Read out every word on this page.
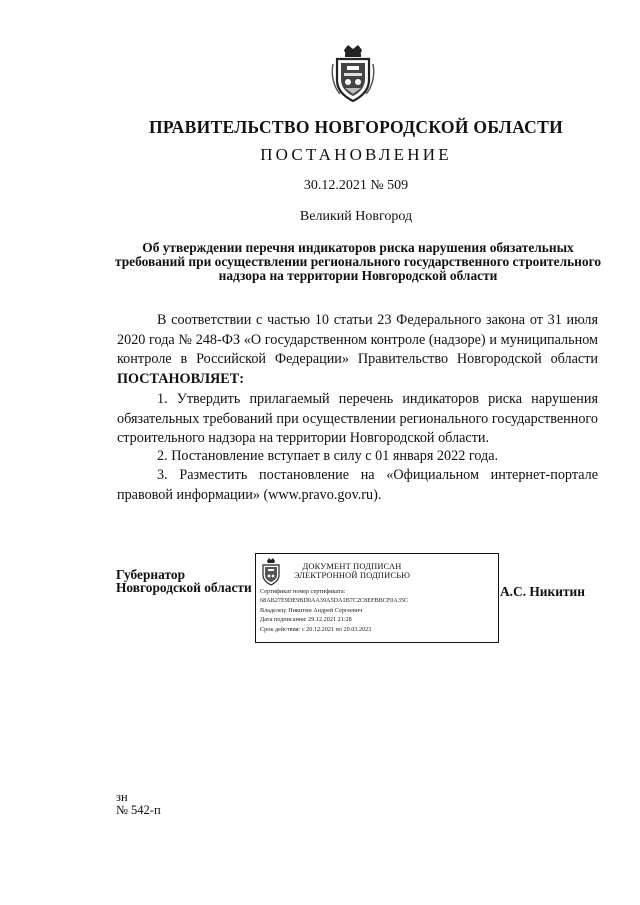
ПРАВИТЕЛЬСТВО НОВГОРОДСКОЙ ОБЛАСТИ
ПОСТАНОВЛЕНИЕ
30.12.2021 № 509
Великий Новгород
Об утверждении перечня индикаторов риска нарушения обязательных требований при осуществлении регионального государственного строительного надзора на территории Новгородской области
В соответствии с частью 10 статьи 23 Федерального закона от 31 июля 2020 года № 248-ФЗ «О государственном контроле (надзоре) и муниципальном контроле в Российской Федерации» Правительство Новгородской области ПОСТАНОВЛЯЕТ:
1. Утвердить прилагаемый перечень индикаторов риска нарушения обязательных требований при осуществлении регионального государственного строительного надзора на территории Новгородской области.
2. Постановление вступает в силу с 01 января 2022 года.
3. Разместить постановление на «Официальном интернет-портале правовой информации» (www.pravo.gov.ru).
Губернатор
Новгородской области
ДОКУМЕНТ ПОДПИСАН
ЭЛЕКТРОННОЙ ПОДПИСЬЮ
Сертификат номер сертификата:
68AB27E9DE9BD0AA39A5DA1B7C2C8EFBBCF0A35C
Владелец: Никитин Андрей Сергеевич
Дата подписания: 29.12.2021 21:28
Срок действия: с 20.12.2021 по 20.03.2023
А.С. Никитин
зн
№ 542-п
